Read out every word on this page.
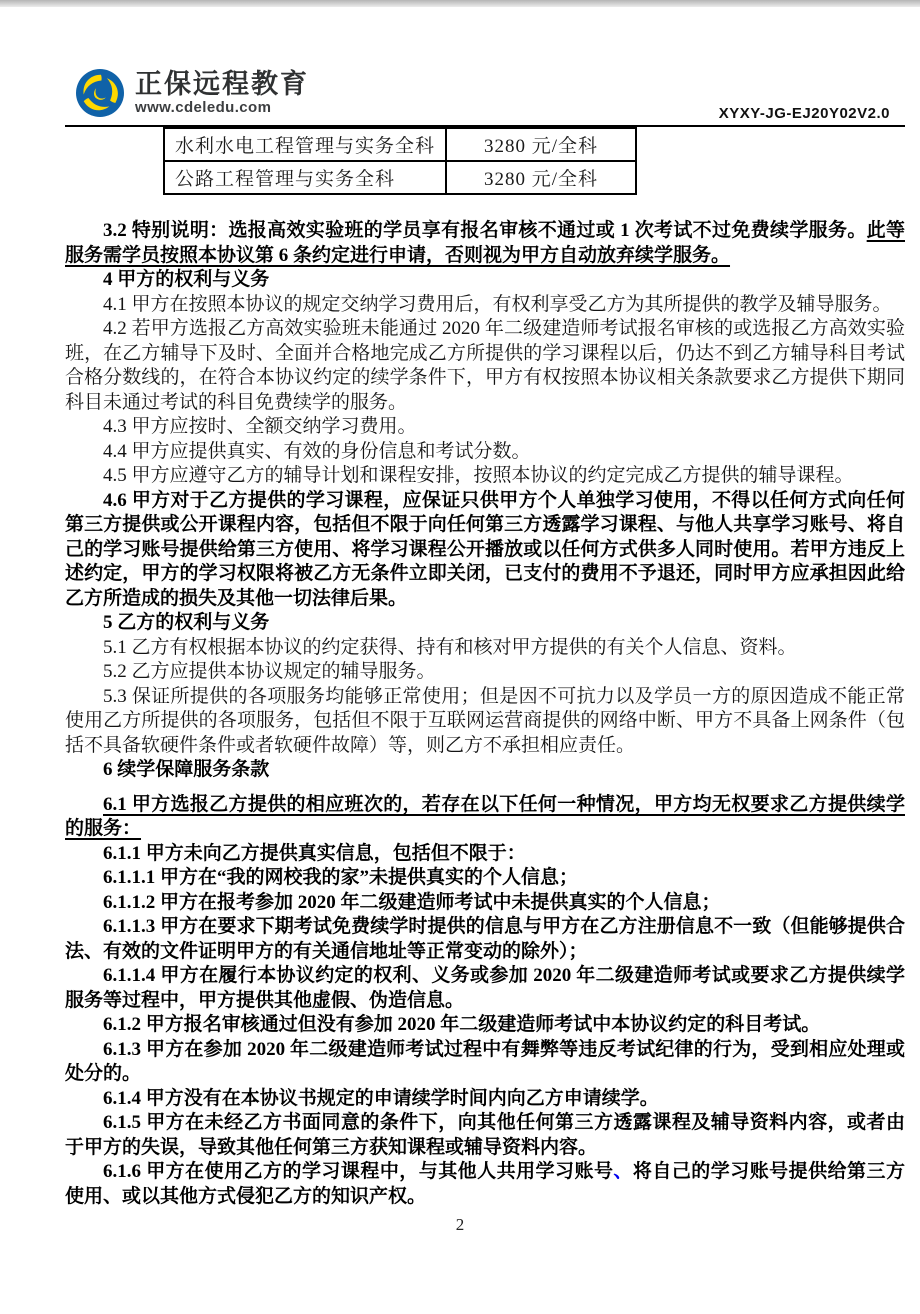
正保远程教育
www.cdeledu.com	XYXY-JG-EJ20Y02V2.0
水利水电工程管理与实务全科	3280 元/全科
公路工程管理与实务全科	3280 元/全科

3.2 特别说明：选报高效实验班的学员享有报名审核不通过或 1 次考试不过免费续学服务。此等服务需学员按照本协议第 6 条约定进行申请，否则视为甲方自动放弃续学服务。

4 甲方的权利与义务

4.1 甲方在按照本协议的规定交纳学习费用后，有权利享受乙方为其所提供的教学及辅导服务。

4.2 若甲方选报乙方高效实验班未能通过 2020 年二级建造师考试报名审核的或选报乙方高效实验班，在乙方辅导下及时、全面并合格地完成乙方所提供的学习课程以后，仍达不到乙方辅导科目考试合格分数线的，在符合本协议约定的续学条件下，甲方有权按照本协议相关条款要求乙方提供下期同科目未通过考试的科目免费续学的服务。

4.3 甲方应按时、全额交纳学习费用。

4.4 甲方应提供真实、有效的身份信息和考试分数。

4.5 甲方应遵守乙方的辅导计划和课程安排，按照本协议的约定完成乙方提供的辅导课程。

4.6 甲方对于乙方提供的学习课程，应保证只供甲方个人单独学习使用，不得以任何方式向任何第三方提供或公开课程内容，包括但不限于向任何第三方透露学习课程、与他人共享学习账号、将自己的学习账号提供给第三方使用、将学习课程公开播放或以任何方式供多人同时使用。若甲方违反上述约定，甲方的学习权限将被乙方无条件立即关闭，已支付的费用不予退还，同时甲方应承担因此给乙方所造成的损失及其他一切法律后果。

5 乙方的权利与义务

5.1 乙方有权根据本协议的约定获得、持有和核对甲方提供的有关个人信息、资料。

5.2 乙方应提供本协议规定的辅导服务。

5.3 保证所提供的各项服务均能够正常使用；但是因不可抗力以及学员一方的原因造成不能正常使用乙方所提供的各项服务，包括但不限于互联网运营商提供的网络中断、甲方不具备上网条件（包括不具备软硬件条件或者软硬件故障）等，则乙方不承担相应责任。

6 续学保障服务条款

6.1 甲方选报乙方提供的相应班次的，若存在以下任何一种情况，甲方均无权要求乙方提供续学的服务：

6.1.1 甲方未向乙方提供真实信息，包括但不限于：

6.1.1.1 甲方在“我的网校我的家”未提供真实的个人信息；

6.1.1.2 甲方在报考参加 2020 年二级建造师考试中未提供真实的个人信息；

6.1.1.3 甲方在要求下期考试免费续学时提供的信息与甲方在乙方注册信息不一致（但能够提供合法、有效的文件证明甲方的有关通信地址等正常变动的除外）；

6.1.1.4 甲方在履行本协议约定的权利、义务或参加 2020 年二级建造师考试或要求乙方提供续学服务等过程中，甲方提供其他虚假、伪造信息。

6.1.2 甲方报名审核通过但没有参加 2020 年二级建造师考试中本协议约定的科目考试。

6.1.3 甲方在参加 2020 年二级建造师考试过程中有舞弊等违反考试纪律的行为，受到相应处理或处分的。

6.1.4 甲方没有在本协议书规定的申请续学时间内向乙方申请续学。

6.1.5 甲方在未经乙方书面同意的条件下，向其他任何第三方透露课程及辅导资料内容，或者由于甲方的失误，导致其他任何第三方获知课程或辅导资料内容。

6.1.6 甲方在使用乙方的学习课程中，与其他人共用学习账号、将自己的学习账号提供给第三方使用、或以其他方式侵犯乙方的知识产权。

2
